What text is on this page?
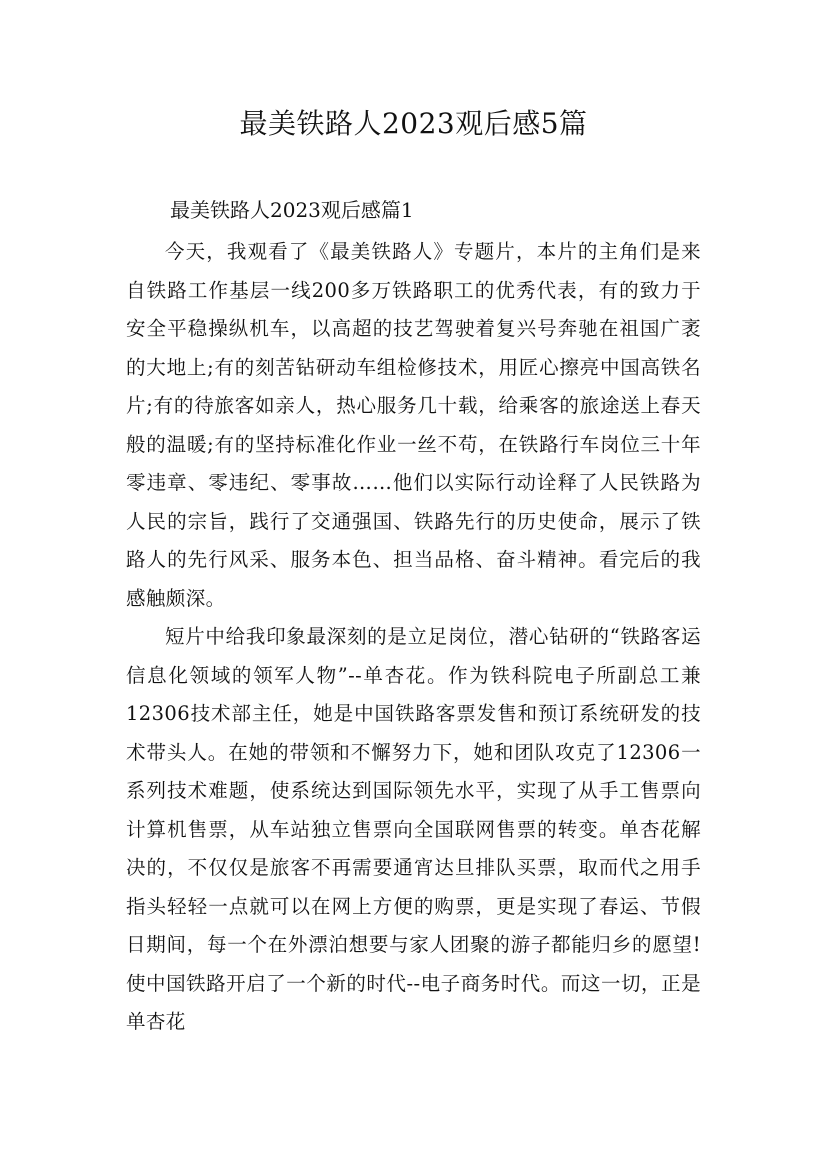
最美铁路人2023观后感5篇

最美铁路人2023观后感篇1

今天，我观看了《最美铁路人》专题片，本片的主角们是来自铁路工作基层一线200多万铁路职工的优秀代表，有的致力于安全平稳操纵机车，以高超的技艺驾驶着复兴号奔驰在祖国广袤的大地上;有的刻苦钻研动车组检修技术，用匠心擦亮中国高铁名片;有的待旅客如亲人，热心服务几十载，给乘客的旅途送上春天般的温暖;有的坚持标准化作业一丝不苟，在铁路行车岗位三十年零违章、零违纪、零事故……他们以实际行动诠释了人民铁路为人民的宗旨，践行了交通强国、铁路先行的历史使命，展示了铁路人的先行风采、服务本色、担当品格、奋斗精神。看完后的我感触颇深。

短片中给我印象最深刻的是立足岗位，潜心钻研的“铁路客运信息化领域的领军人物”--单杏花。作为铁科院电子所副总工兼12306技术部主任，她是中国铁路客票发售和预订系统研发的技术带头人。在她的带领和不懈努力下，她和团队攻克了12306一系列技术难题，使系统达到国际领先水平，实现了从手工售票向计算机售票，从车站独立售票向全国联网售票的转变。单杏花解决的，不仅仅是旅客不再需要通宵达旦排队买票，取而代之用手指头轻轻一点就可以在网上方便的购票，更是实现了春运、节假日期间，每一个在外漂泊想要与家人团聚的游子都能归乡的愿望!使中国铁路开启了一个新的时代--电子商务时代。而这一切，正是单杏花
